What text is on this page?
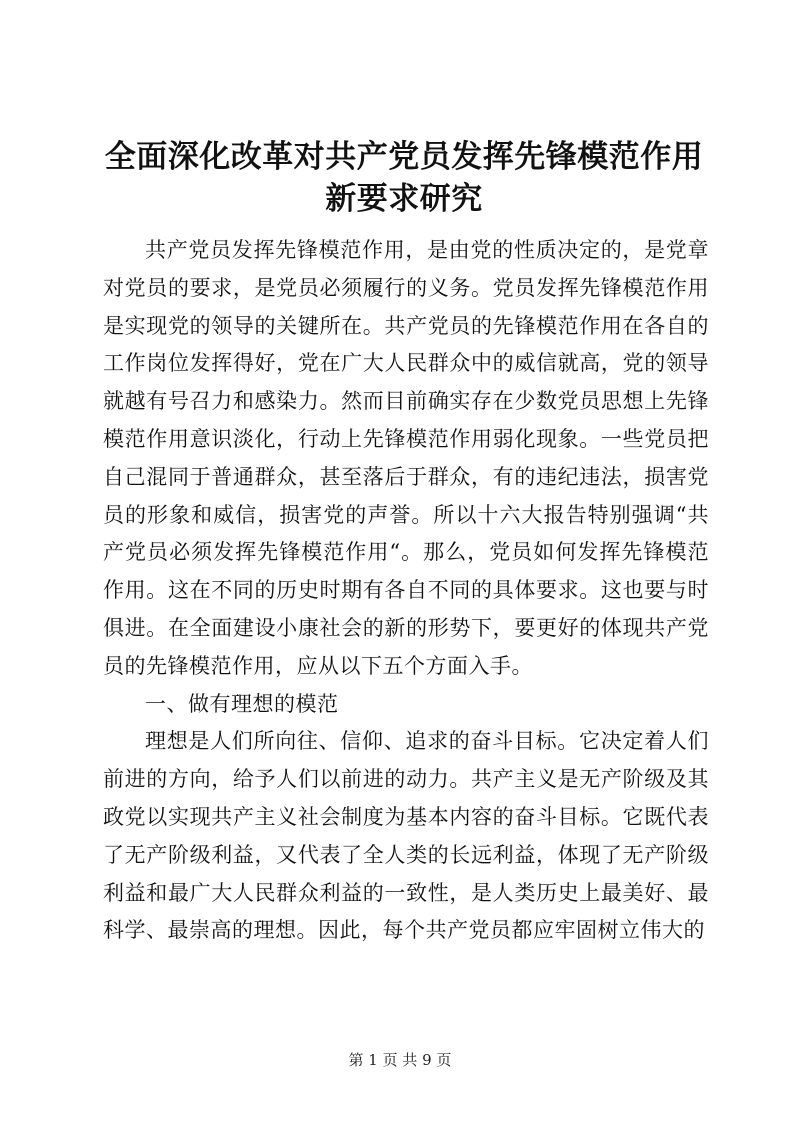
全面深化改革对共产党员发挥先锋模范作用新要求研究

共产党员发挥先锋模范作用，是由党的性质决定的，是党章对党员的要求，是党员必须履行的义务。党员发挥先锋模范作用是实现党的领导的关键所在。共产党员的先锋模范作用在各自的工作岗位发挥得好，党在广大人民群众中的威信就高，党的领导就越有号召力和感染力。然而目前确实存在少数党员思想上先锋模范作用意识淡化，行动上先锋模范作用弱化现象。一些党员把自己混同于普通群众，甚至落后于群众，有的违纪违法，损害党员的形象和威信，损害党的声誉。所以十六大报告特别强调“共产党员必须发挥先锋模范作用“。那么，党员如何发挥先锋模范作用。这在不同的历史时期有各自不同的具体要求。这也要与时俱进。在全面建设小康社会的新的形势下，要更好的体现共产党员的先锋模范作用，应从以下五个方面入手。

一、做有理想的模范

理想是人们所向往、信仰、追求的奋斗目标。它决定着人们前进的方向，给予人们以前进的动力。共产主义是无产阶级及其政党以实现共产主义社会制度为基本内容的奋斗目标。它既代表了无产阶级利益，又代表了全人类的长远利益，体现了无产阶级利益和最广大人民群众利益的一致性，是人类历史上最美好、最科学、最崇高的理想。因此，每个共产党员都应牢固树立伟大的

第 1 页 共 9 页
